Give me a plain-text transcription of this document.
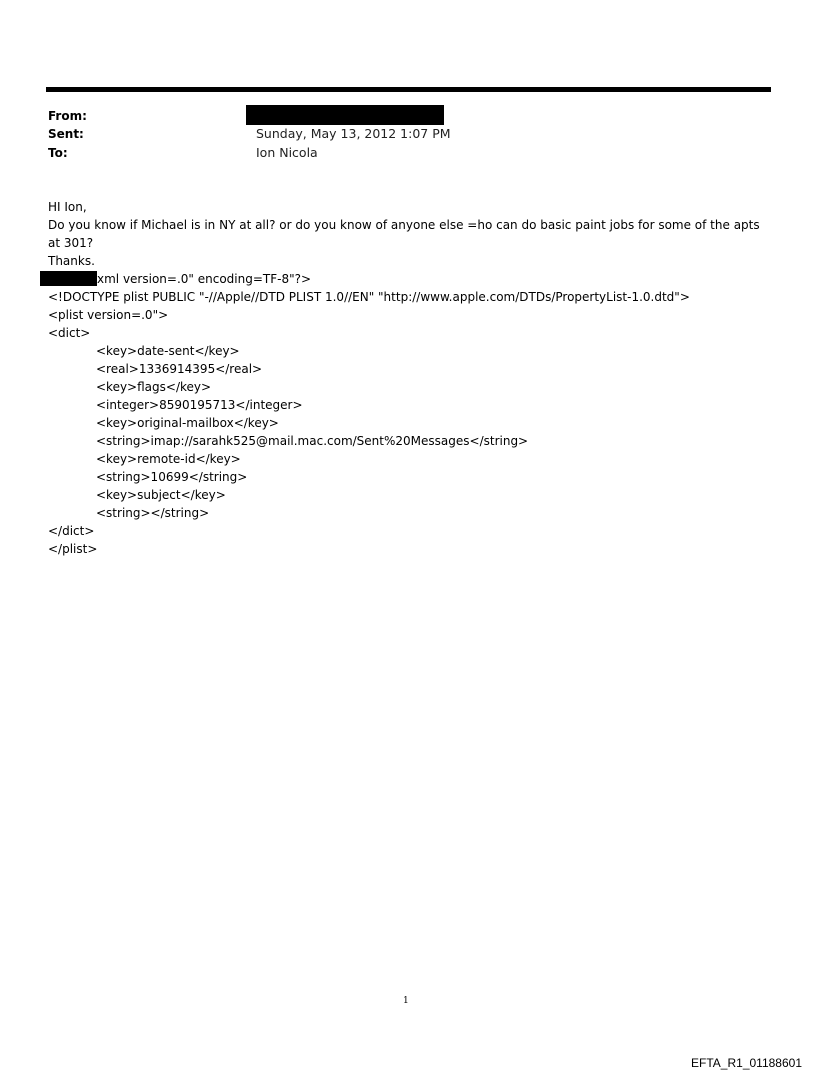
From:
Sent:	Sunday, May 13, 2012 1:07 PM
To:	Ion Nicola
HI Ion,
Do you know if Michael is in NY at all? or do you know of anyone else =ho can do basic paint jobs for some of the apts at 301?
Thanks.
xml version=.0" encoding=TF-8"?>
<!DOCTYPE plist PUBLIC "-//Apple//DTD PLIST 1.0//EN" "http://www.apple.com/DTDs/PropertyList-1.0.dtd">
<plist version=.0">
<dict>
<key>date-sent</key>
<real>1336914395</real>
<key>flags</key>
<integer>8590195713</integer>
<key>original-mailbox</key>
<string>imap://sarahk525@mail.mac.com/Sent%20Messages</string>
<key>remote-id</key>
<string>10699</string>
<key>subject</key>
<string></string>
</dict>
</plist>
1
EFTA_R1_01188601
